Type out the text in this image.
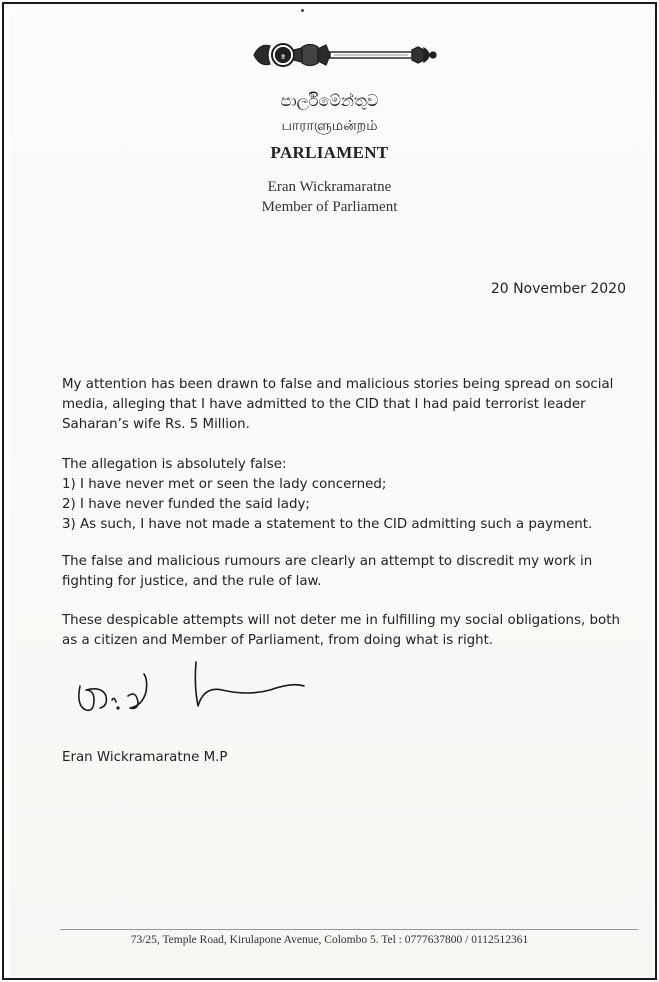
ꮥ
පාර්ලිමේන්තුව
பாராளுமன்றம்
PARLIAMENT
Eran Wickramaratne
Member of Parliament
20 November 2020
My attention has been drawn to false and malicious stories being spread on social media, alleging that I have admitted to the CID that I had paid terrorist leader Saharan’s wife Rs. 5 Million.
The allegation is absolutely false:
1) I have never met or seen the lady concerned;
2) I have never funded the said lady;
3) As such, I have not made a statement to the CID admitting such a payment.
The false and malicious rumours are clearly an attempt to discredit my work in fighting for justice, and the rule of law.
These despicable attempts will not deter me in fulfilling my social obligations, both as a citizen and Member of Parliament, from doing what is right.
Eran Wickramaratne M.P
73/25, Temple Road, Kirulapone Avenue, Colombo 5. Tel : 0777637800 / 0112512361
